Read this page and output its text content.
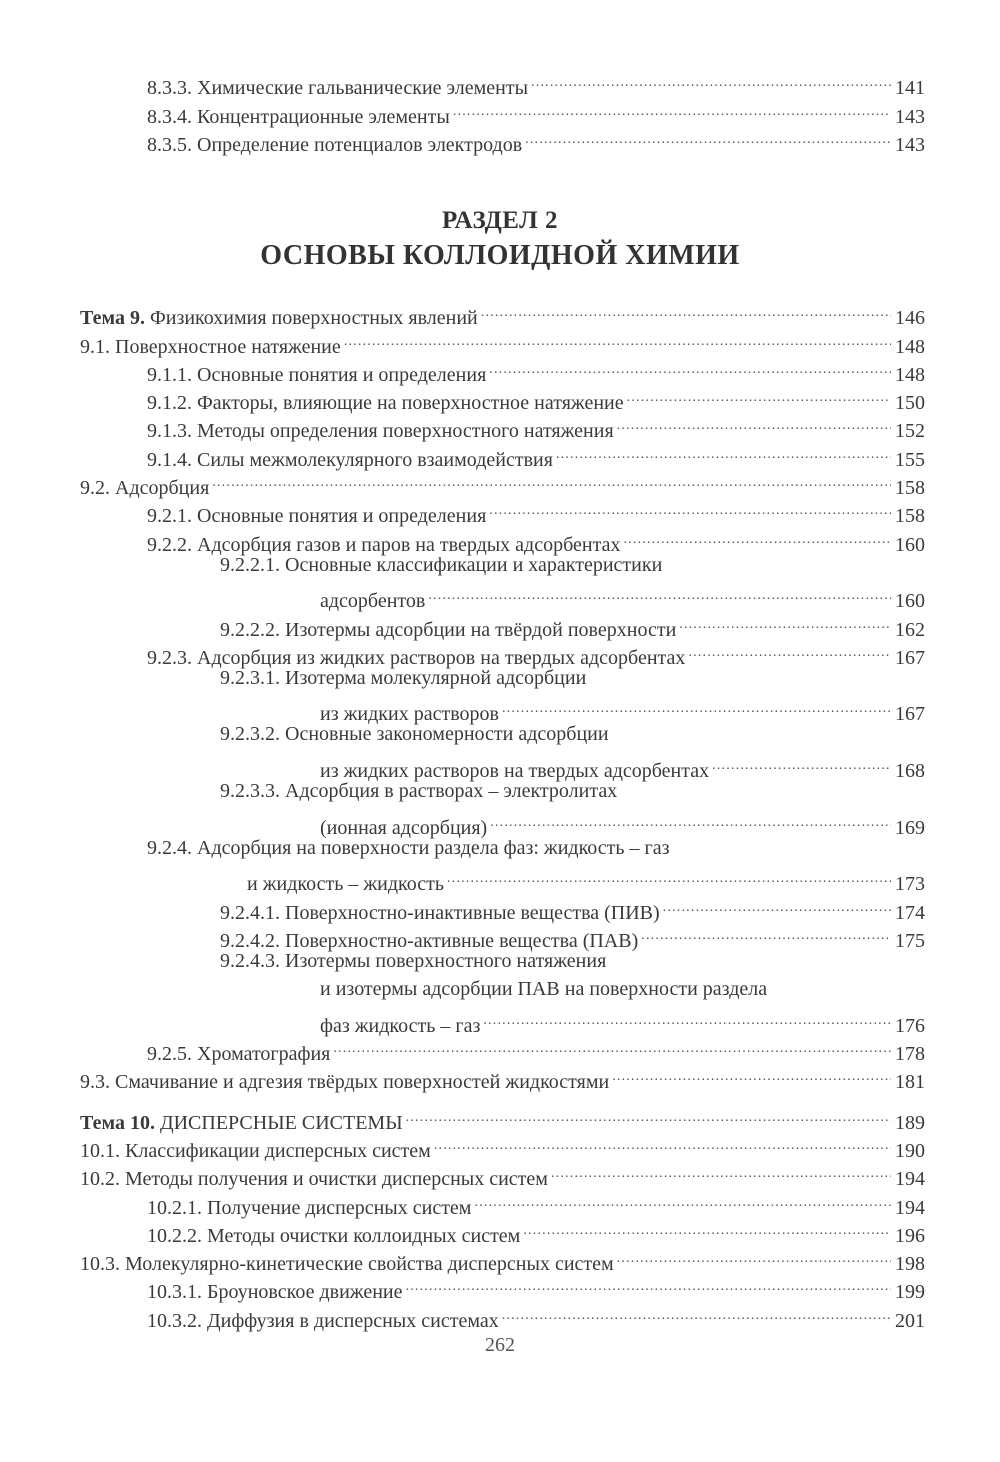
8.3.3. Химические гальванические элементы .....	141
8.3.4. Концентрационные элементы .....	143
8.3.5. Определение потенциалов электродов .....	143
РАЗДЕЛ 2
ОСНОВЫ КОЛЛОИДНОЙ ХИМИИ
Тема 9. Физикохимия поверхностных явлений .....	146
9.1. Поверхностное натяжение .....	148
9.1.1. Основные понятия и определения .....	148
9.1.2. Факторы, влияющие на поверхностное натяжение .....	150
9.1.3. Методы определения поверхностного натяжения .....	152
9.1.4. Силы межмолекулярного взаимодействия .....	155
9.2. Адсорбция .....	158
9.2.1. Основные понятия и определения .....	158
9.2.2. Адсорбция газов и паров на твердых адсорбентах .....	160
9.2.2.1. Основные классификации и характеристики
адсорбентов .....	160
9.2.2.2. Изотермы адсорбции на твёрдой поверхности .....	162
9.2.3. Адсорбция из жидких растворов на твердых адсорбентах .....	167
9.2.3.1. Изотерма молекулярной адсорбции
из жидких растворов .....	167
9.2.3.2. Основные закономерности адсорбции
из жидких растворов на твердых адсорбентах .....	168
9.2.3.3. Адсорбция в растворах – электролитах
(ионная адсорбция) .....	169
9.2.4. Адсорбция на поверхности раздела фаз: жидкость – газ
и жидкость – жидкость .....	173
9.2.4.1. Поверхностно-инактивные вещества (ПИВ) .....	174
9.2.4.2. Поверхностно-активные вещества (ПАВ) .....	175
9.2.4.3. Изотермы поверхностного натяжения
и изотермы адсорбции ПАВ на поверхности раздела
фаз жидкость – газ .....	176
9.2.5. Хроматография .....	178
9.3. Смачивание и адгезия твёрдых поверхностей жидкостями .....	181
Тема 10. ДИСПЕРСНЫЕ СИСТЕМЫ .....	189
10.1. Классификации дисперсных систем .....	190
10.2. Методы получения и очистки дисперсных систем .....	194
10.2.1. Получение дисперсных систем .....	194
10.2.2. Методы очистки коллоидных систем .....	196
10.3. Молекулярно-кинетические свойства дисперсных систем .....	198
10.3.1. Броуновское движение .....	199
10.3.2. Диффузия в дисперсных системах .....	201
262
